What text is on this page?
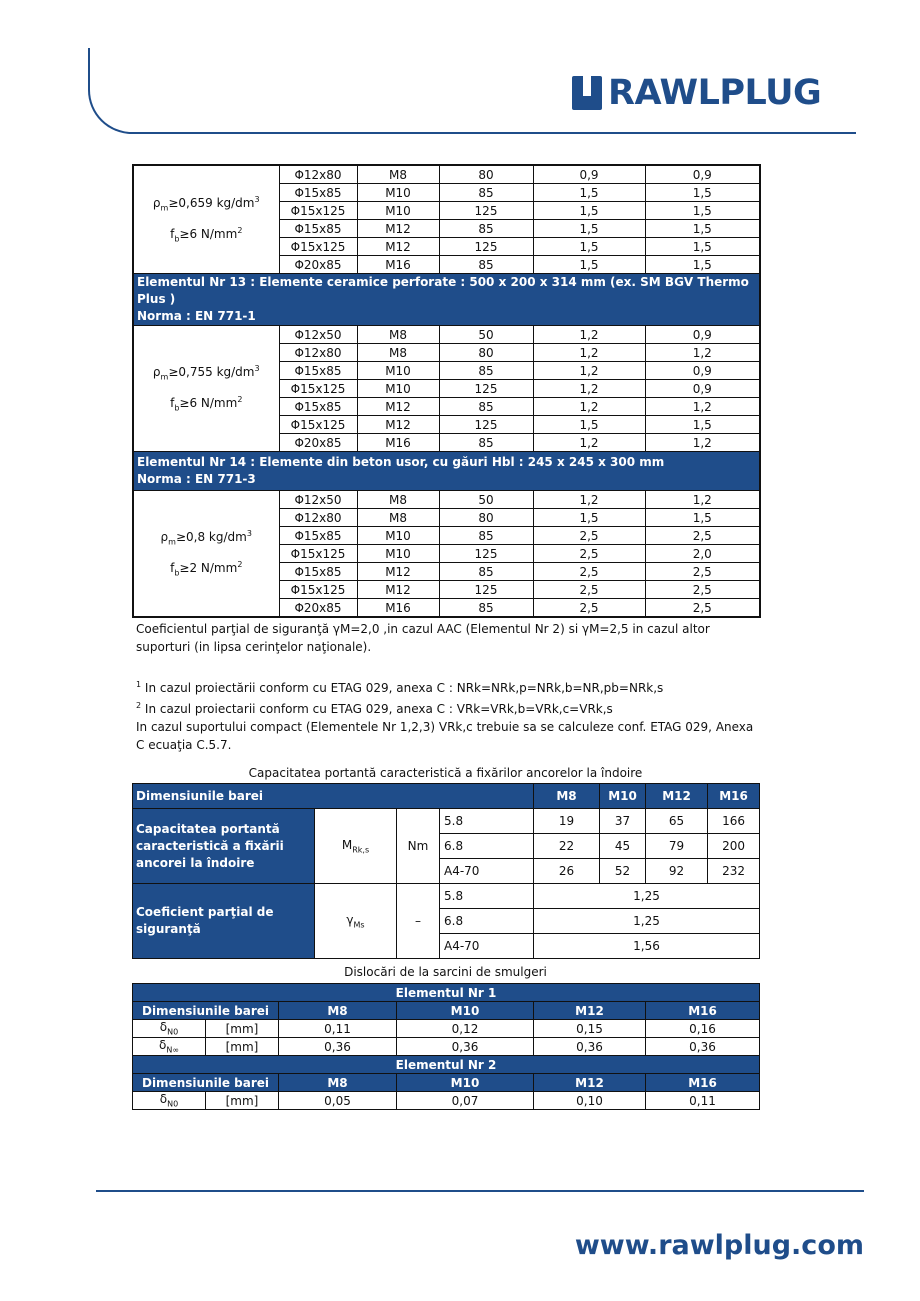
RAWLPLUG
$\rho_m\ge 0,659$ $kg/dm^3$
$f_b\ge 6$ $N/mm^2$	Φ12x80	M8	80	0,9	0,9
	Φ15x85	M10	85	1,5	1,5
	Φ15x125	M10	125	1,5	1,5
	Φ15x85	M12	85	1,5	1,5
	Φ15x125	M12	125	1,5	1,5
	Φ20x85	M16	85	1,5	1,5

Elementul Nr 13 : Elemente ceramice perforate : 500 x 200 x 314 mm (ex. SM BGV Thermo Plus )
Norma : EN 771-1					

$\rho_m\ge 0,755$ $kg/dm^3$
$f_b\ge 6$ $N/mm^2$	Φ12x50	M8	50	1,2	0,9
	Φ12x80	M8	80	1,2	1,2
	Φ15x85	M10	85	1,2	0,9
	Φ15x125	M10	125	1,2	0,9
	Φ15x85	M12	85	1,2	1,2
	Φ15x125	M12	125	1,5	1,5
	Φ20x85	M16	85	1,2	1,2

Elementul Nr 14 : Elemente din beton usor, cu găuri Hbl : 245 x 245 x 300 mm
Norma : EN 771-3					

$\rho_m\ge 0,8$ $kg/dm^3$
$f_b\ge 2$ $N/mm^2$	Φ12x50	M8	50	1,2	1,2
	Φ12x80	M8	80	1,5	1,5
	Φ15x85	M10	85	2,5	2,5
	Φ15x125	M10	125	2,5	2,0
	Φ15x85	M12	85	2,5	2,5
	Φ15x125	M12	125	2,5	2,5
	Φ20x85	M16	85	2,5	2,5
Coeficientul parţial de siguranţă γM=2,0 ,in cazul AAC (Elementul Nr 2) si γM=2,5 in cazul altor suporturi (in lipsa cerinţelor naţionale).
$^1$ In cazul proiectării conform cu ETAG 029, anexa C : NRk=NRk,p=NRk,b=NR,pb=NRk,s
$^2$ In cazul proiectarii conform cu ETAG 029, anexa C : VRk=VRk,b=VRk,c=VRk,s
In cazul suportului compact (Elementele Nr 1,2,3) VRk,c trebuie sa se calculeze conf. ETAG 029, Anexa C ecuaţia C.5.7.
Capacitatea portantă caracteristică a fixărilor ancorelor la îndoire
Dimensiunile barei				M8	M10	M12	M16
Capacitatea portantă caracteristică a fixării ancorei la îndoire	$M_{Rk,s}$	Nm	5.8	19	37	65	166
			6.8	22	45	79	200
			A4-70	26	52	92	232
Coeficient parţial de siguranţă	$\gamma_{Ms}$	–	5.8	1,25			
			6.8	1,25			
			A4-70	1,56			
Dislocări de la sarcini de smulgeri
Elementul Nr 1					
Dimensiunile barei		M8	M10	M12	M16
$\delta_{N0}$	[mm]	0,11	0,12	0,15	0,16
$\delta_{N\infty}$	[mm]	0,36	0,36	0,36	0,36
Elementul Nr 2					
Dimensiunile barei		M8	M10	M12	M16
$\delta_{N0}$	[mm]	0,05	0,07	0,10	0,11
www.rawlplug.com
